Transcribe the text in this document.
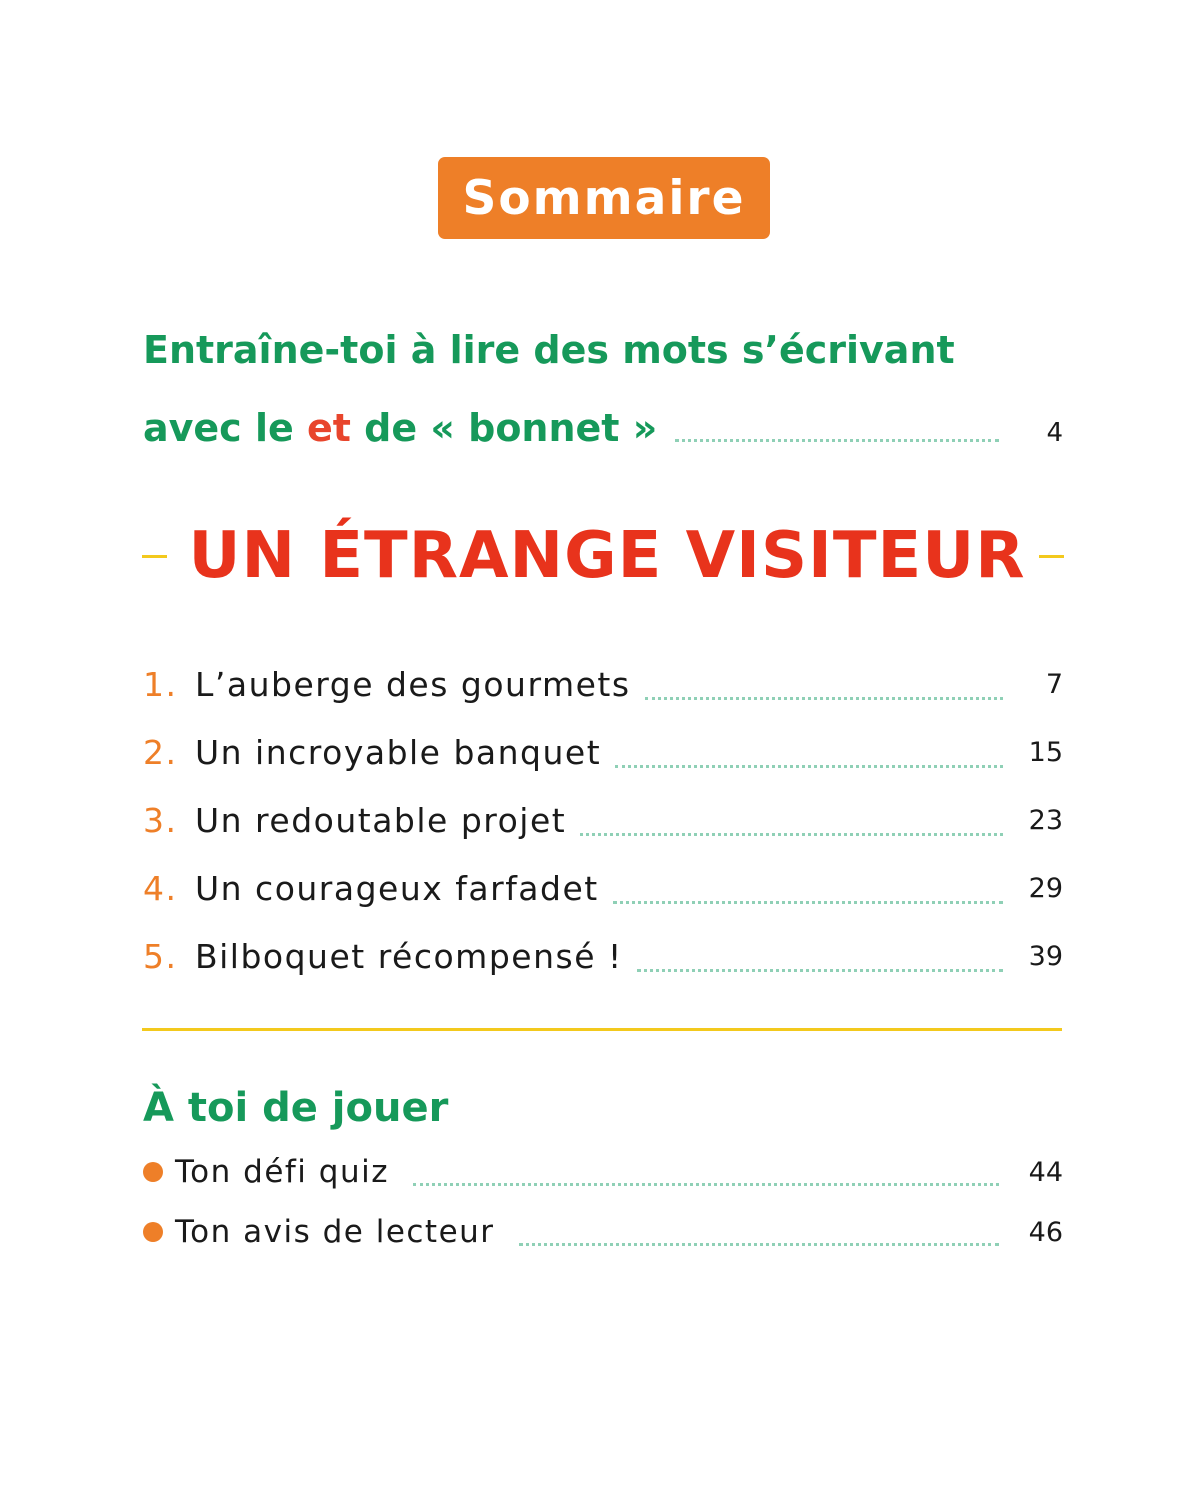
Sommaire
Entraîne-toi à lire des mots s’écrivant
avec le et de « bonnet »	4
UN ÉTRANGE VISITEUR
1. L’auberge des gourmets	7
2. Un incroyable banquet	15
3. Un redoutable projet	23
4. Un courageux farfadet	29
5. Bilboquet récompensé !	39
À toi de jouer
Ton défi quiz	44
Ton avis de lecteur	46
